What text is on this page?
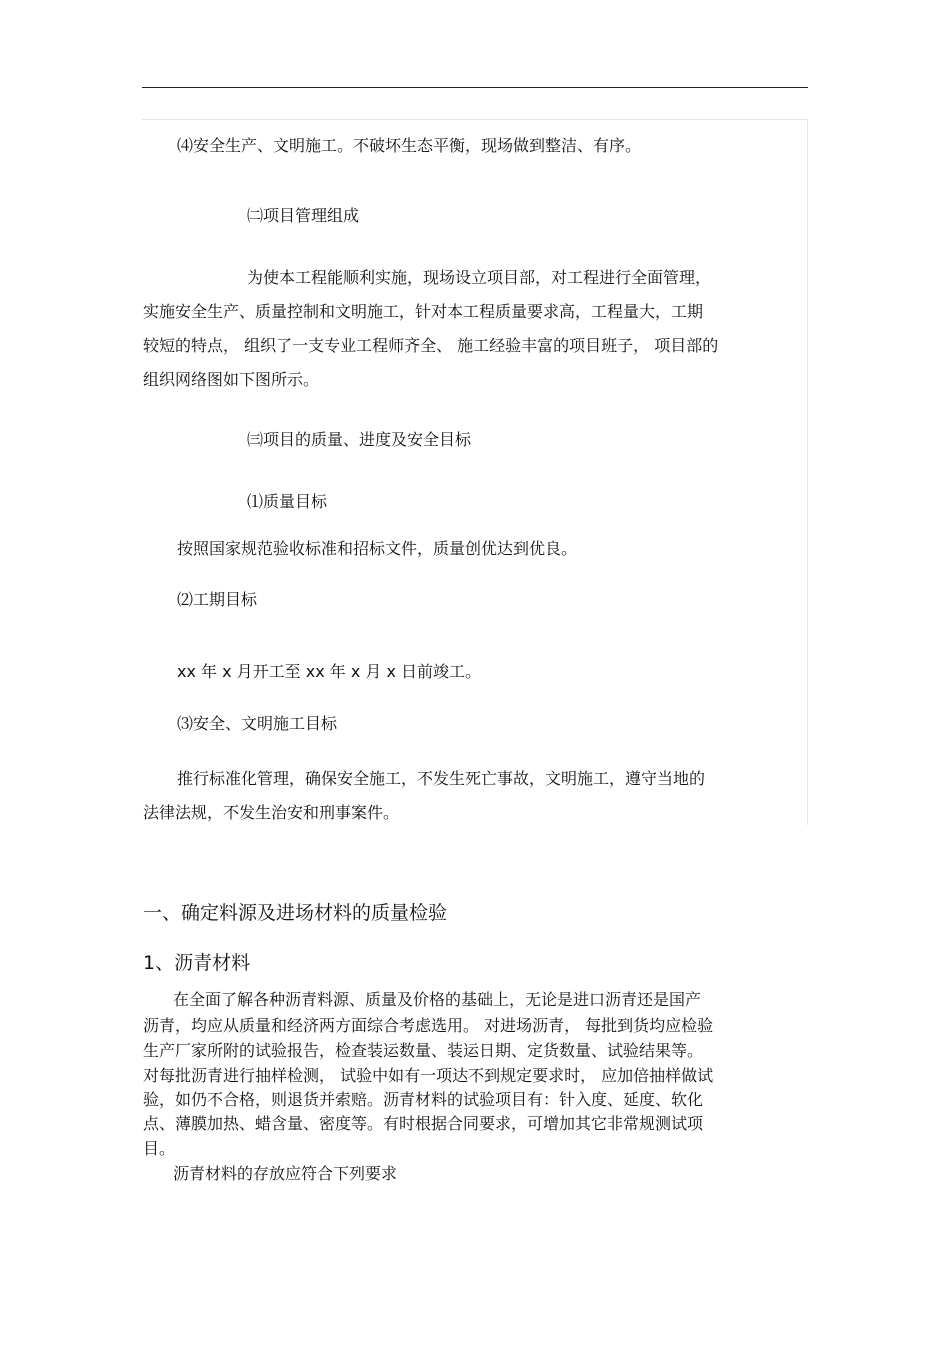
⑷安全生产、文明施工。不破坏生态平衡，现场做到整洁、有序。
㈡项目管理组成
为使本工程能顺利实施，现场设立项目部，对工程进行全面管理，
实施安全生产、质量控制和文明施工，针对本工程质量要求高，工程量大，工期
较短的特点， 组织了一支专业工程师齐全、 施工经验丰富的项目班子， 项目部的
组织网络图如下图所示。
㈢项目的质量、进度及安全目标
⑴质量目标
按照国家规范验收标准和招标文件，质量创优达到优良。
⑵工期目标
xx 年 x 月开工至 xx 年 x 月 x 日前竣工。
⑶安全、文明施工目标
推行标准化管理，确保安全施工，不发生死亡事故，文明施工，遵守当地的
法律法规，不发生治安和刑事案件。
一、确定料源及进场材料的质量检验
1、沥青材料
在全面了解各种沥青料源、质量及价格的基础上，无论是进口沥青还是国产
沥青，均应从质量和经济两方面综合考虑选用。 对进场沥青， 每批到货均应检验
生产厂家所附的试验报告，检查装运数量、装运日期、定货数量、试验结果等。
对每批沥青进行抽样检测， 试验中如有一项达不到规定要求时， 应加倍抽样做试
验，如仍不合格，则退货并索赔。沥青材料的试验项目有：针入度、延度、软化
点、薄膜加热、蜡含量、密度等。有时根据合同要求，可增加其它非常规测试项
目。
沥青材料的存放应符合下列要求
